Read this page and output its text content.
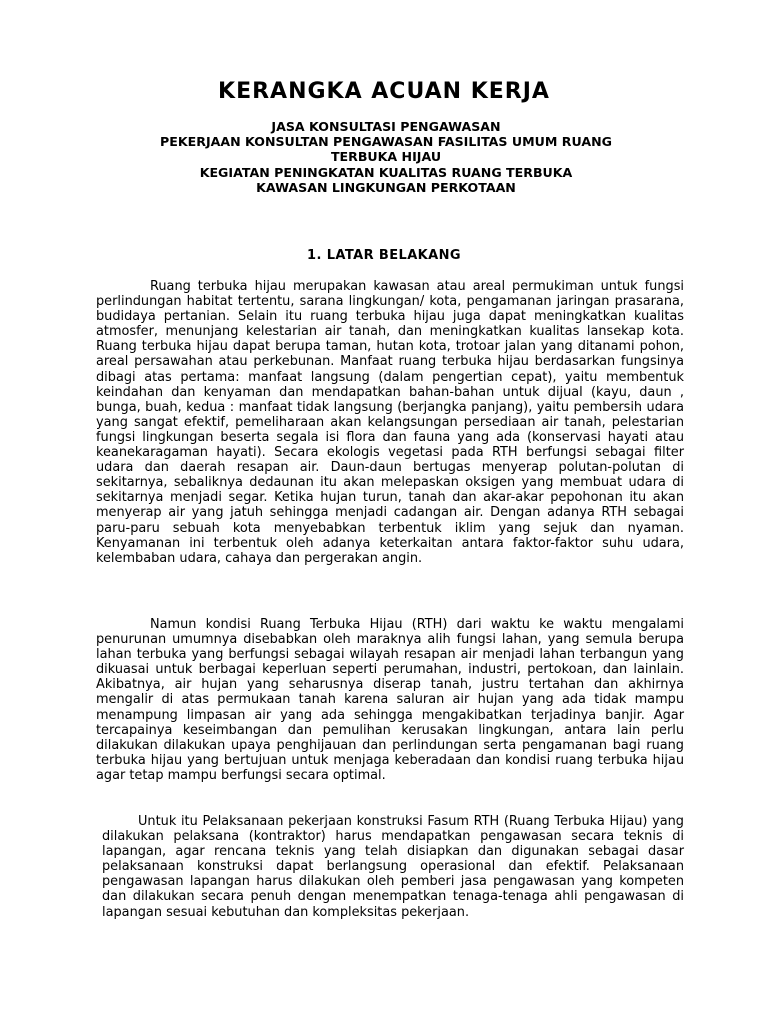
KERANGKA ACUAN KERJA
JASA KONSULTASI PENGAWASAN
PEKERJAAN KONSULTAN PENGAWASAN FASILITAS UMUM RUANG
TERBUKA HIJAU
KEGIATAN PENINGKATAN KUALITAS RUANG TERBUKA
KAWASAN LINGKUNGAN PERKOTAAN
1. LATAR BELAKANG

Ruang terbuka hijau merupakan kawasan atau areal permukiman untuk fungsi perlindungan habitat tertentu, sarana lingkungan/ kota, pengamanan jaringan prasarana, budidaya pertanian. Selain itu ruang terbuka hijau juga dapat meningkatkan kualitas atmosfer, menunjang kelestarian air tanah, dan meningkatkan kualitas lansekap kota. Ruang terbuka hijau dapat berupa taman, hutan kota, trotoar jalan yang ditanami pohon, areal persawahan atau perkebunan. Manfaat ruang terbuka hijau berdasarkan fungsinya dibagi atas pertama: manfaat langsung (dalam pengertian cepat), yaitu membentuk keindahan dan kenyaman dan mendapatkan bahan-bahan untuk dijual (kayu, daun , bunga, buah, kedua : manfaat tidak langsung (berjangka panjang), yaitu pembersih udara yang sangat efektif, pemeliharaan akan kelangsungan persediaan air tanah, pelestarian fungsi lingkungan beserta segala isi flora dan fauna yang ada (konservasi hayati atau keanekaragaman hayati). Secara ekologis vegetasi pada RTH berfungsi sebagai filter udara dan daerah resapan air. Daun-daun bertugas menyerap polutan-polutan di sekitarnya, sebaliknya dedaunan itu akan melepaskan oksigen yang membuat udara di sekitarnya menjadi segar. Ketika hujan turun, tanah dan akar-akar pepohonan itu akan menyerap air yang jatuh sehingga menjadi cadangan air. Dengan adanya RTH sebagai paru-paru sebuah kota menyebabkan terbentuk iklim yang sejuk dan nyaman. Kenyamanan ini terbentuk oleh adanya keterkaitan antara faktor-faktor suhu udara, kelembaban udara, cahaya dan pergerakan angin.

Namun kondisi Ruang Terbuka Hijau (RTH) dari waktu ke waktu mengalami penurunan umumnya disebabkan oleh maraknya alih fungsi lahan, yang semula berupa lahan terbuka yang berfungsi sebagai wilayah resapan air menjadi lahan terbangun yang dikuasai untuk berbagai keperluan seperti perumahan, industri, pertokoan, dan lainlain. Akibatnya, air hujan yang seharusnya diserap tanah, justru tertahan dan akhirnya mengalir di atas permukaan tanah karena saluran air hujan yang ada tidak mampu menampung limpasan air yang ada sehingga mengakibatkan terjadinya banjir. Agar tercapainya keseimbangan dan pemulihan kerusakan lingkungan, antara lain perlu dilakukan dilakukan upaya penghijauan dan perlindungan serta pengamanan bagi ruang terbuka hijau yang bertujuan untuk menjaga keberadaan dan kondisi ruang terbuka hijau agar tetap mampu berfungsi secara optimal.

Untuk itu Pelaksanaan pekerjaan konstruksi Fasum RTH (Ruang Terbuka Hijau) yang dilakukan pelaksana (kontraktor) harus mendapatkan pengawasan secara teknis di lapangan, agar rencana teknis yang telah disiapkan dan digunakan sebagai dasar pelaksanaan konstruksi dapat berlangsung operasional dan efektif. Pelaksanaan pengawasan lapangan harus dilakukan oleh pemberi jasa pengawasan yang kompeten dan dilakukan secara penuh dengan menempatkan tenaga-tenaga ahli pengawasan di lapangan sesuai kebutuhan dan kompleksitas pekerjaan.
